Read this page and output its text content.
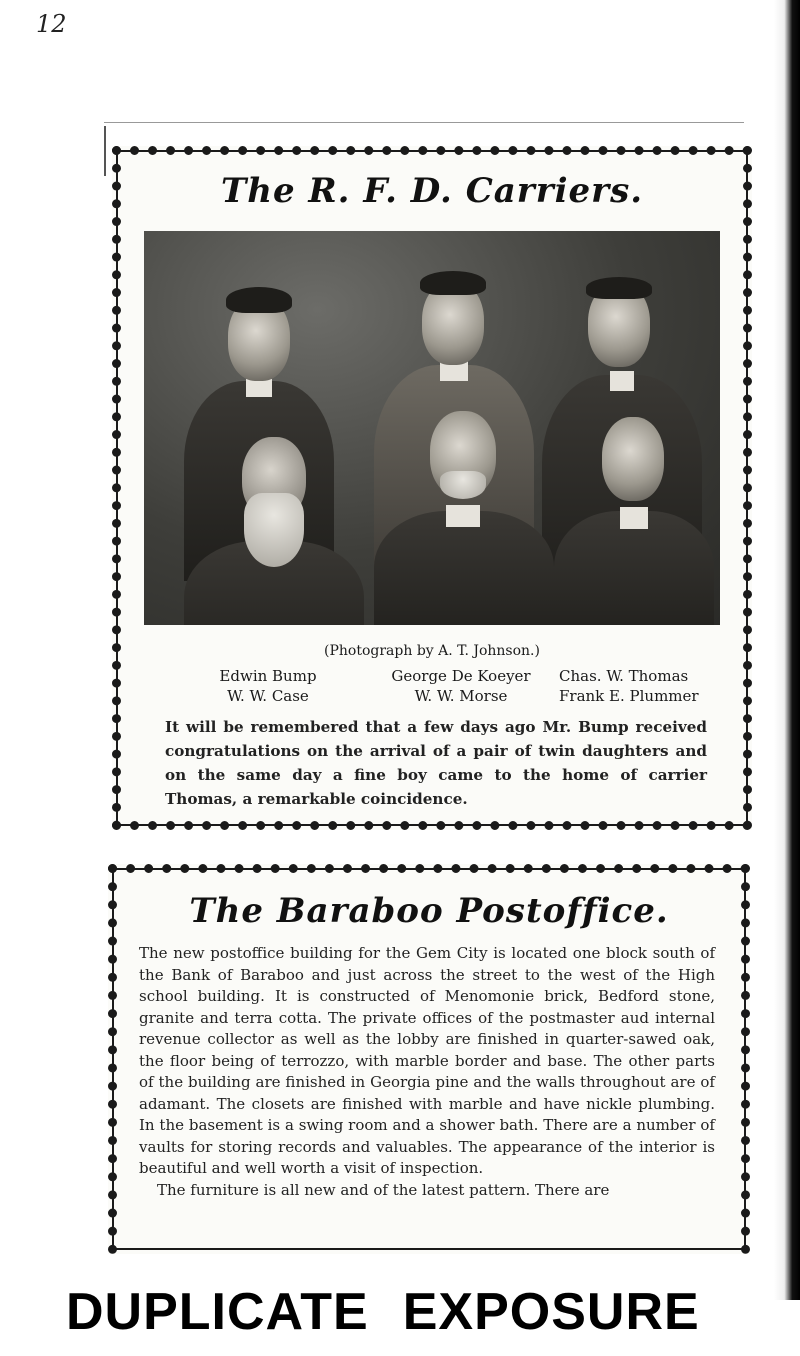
12
The R. F. D. Carriers.
(Photograph by A. T. Johnson.)
Edwin Bump	George De Koeyer	Chas. W. Thomas
W. W. Case	W. W. Morse	Frank E. Plummer

It will be remembered that a few days ago Mr. Bump received congratulations on the arrival of a pair of twin daughters and on the same day a fine boy came to the home of carrier Thomas, a remarkable coincidence.

The Baraboo Postoffice.

The new postoffice building for the Gem City is located one block south of the Bank of Baraboo and just across the street to the west of the High school building. It is constructed of Menomonie brick, Bedford stone, granite and terra cotta. The private offices of the postmaster aud internal revenue collector as well as the lobby are finished in quarter-sawed oak, the floor being of terrozzo, with marble border and base. The other parts of the building are finished in Georgia pine and the walls throughout are of adamant. The closets are finished with marble and have nickle plumbing. In the basement is a swing room and a shower bath. There are a number of vaults for storing records and valuables. The appearance of the interior is beautiful and well worth a visit of inspection.

The furniture is all new and of the latest pattern. There are

DUPLICATE EXPOSURE
